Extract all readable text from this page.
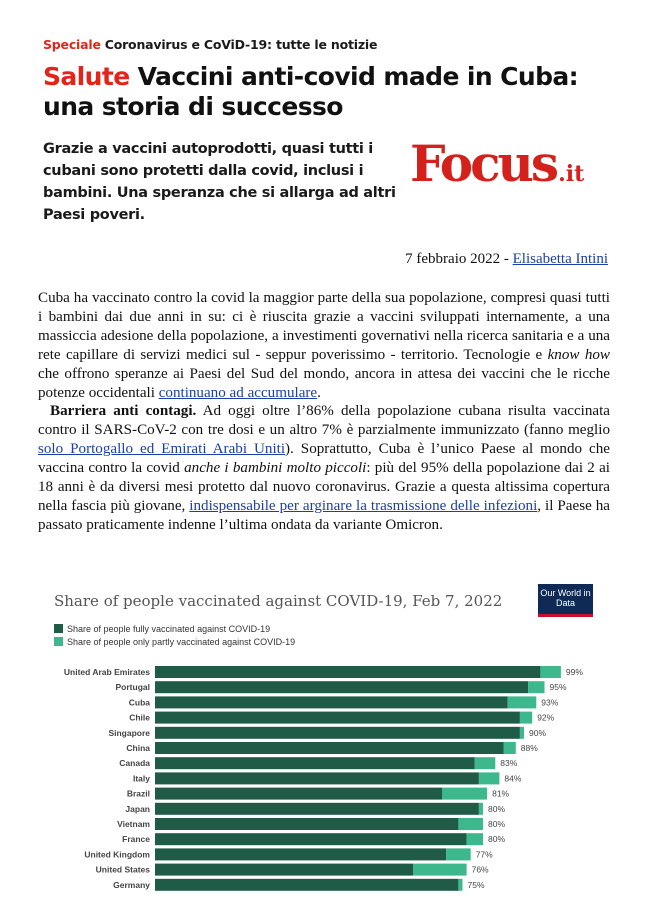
Speciale Coronavirus e CoViD-19: tutte le notizie
Salute Vaccini anti-covid made in Cuba: una storia di successo
Grazie a vaccini autoprodotti, quasi tutti i cubani sono protetti dalla covid, inclusi i bambini. Una speranza che si allarga ad altri Paesi poveri.
Focus.it
7 febbraio 2022 - Elisabetta Intini

Cuba ha vaccinato contro la covid la maggior parte della sua popolazione, compresi quasi tutti i bambini dai due anni in su: ci è riuscita grazie a vaccini sviluppati internamente, a una massiccia adesione della popolazione, a investimenti governativi nella ricerca sanitaria e a una rete capillare di servizi medici sul - seppur poverissimo - territorio. Tecnologie e know how che offrono speranze ai Paesi del Sud del mondo, ancora in attesa dei vaccini che le ricche potenze occidentali continuano ad accumulare.

Barriera anti contagi. Ad oggi oltre l’86% della popolazione cubana risulta vaccinata contro il SARS-CoV-2 con tre dosi e un altro 7% è parzialmente immunizzato (fanno meglio solo Portogallo ed Emirati Arabi Uniti). Soprattutto, Cuba è l’unico Paese al mondo che vaccina contro la covid anche i bambini molto piccoli: più del 95% della popolazione dai 2 ai 18 anni è da diversi mesi protetto dal nuovo coronavirus. Grazie a questa altissima copertura nella fascia più giovane, indispensabile per arginare la trasmissione delle infezioni, il Paese ha passato praticamente indenne l’ultima ondata da variante Omicron.

Share of people vaccinated against COVID-19, Feb 7, 2022
Share of people fully vaccinated against COVID-19
Share of people only partly vaccinated against COVID-19
United Arab Emirates	99%
Portugal	95%
Cuba	93%
Chile	92%
Singapore	90%
China	88%
Canada	83%
Italy	84%
Brazil	81%
Japan	80%
Vietnam	80%
France	80%
United Kingdom	77%
United States	76%
Germany	75%
Our World in Data
